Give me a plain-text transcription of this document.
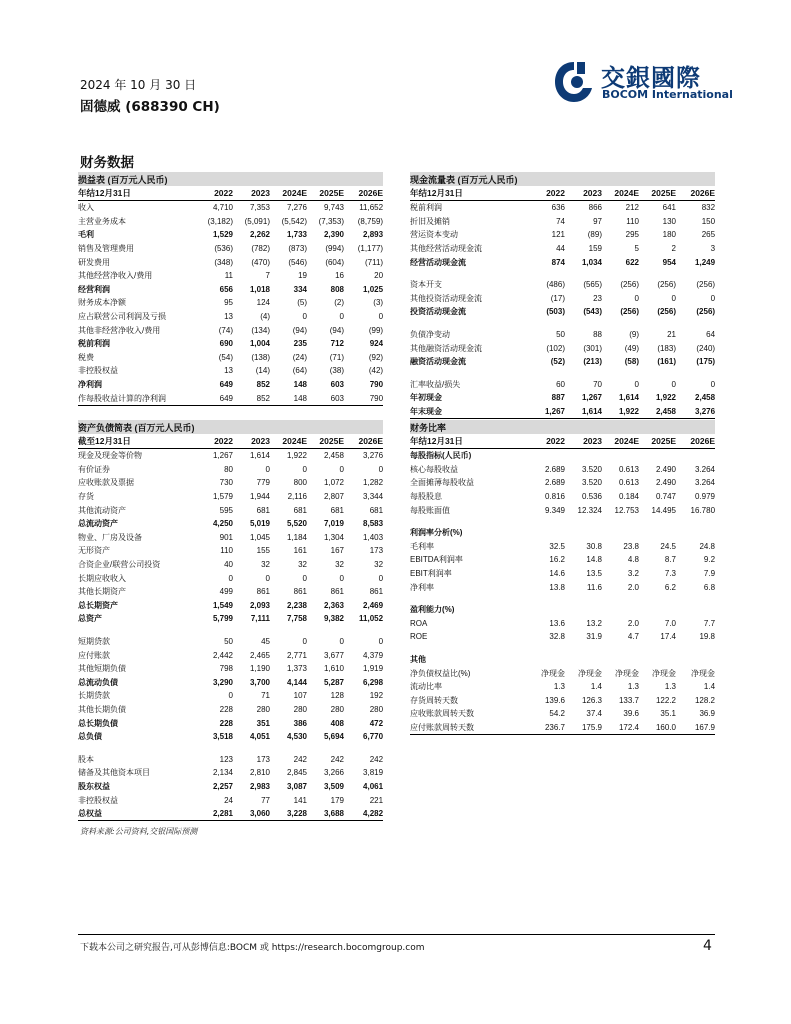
2024 年 10 月 30 日
固德威 (688390 CH)
交銀國際
BOCOM International
财务数据
损益表 (百万元人民币)					
年结12月31日	2022	2023	2024E	2025E	2026E
收入	4,710	7,353	7,276	9,743	11,652
主营业务成本	(3,182)	(5,091)	(5,542)	(7,353)	(8,759)
毛利	1,529	2,262	1,733	2,390	2,893
销售及管理费用	(536)	(782)	(873)	(994)	(1,177)
研发费用	(348)	(470)	(546)	(604)	(711)
其他经营净收入/费用	11	7	19	16	20
经营利润	656	1,018	334	808	1,025
财务成本净额	95	124	(5)	(2)	(3)
应占联营公司利润及亏损	13	(4)	0	0	0
其他非经营净收入/费用	(74)	(134)	(94)	(94)	(99)
税前利润	690	1,004	235	712	924
税费	(54)	(138)	(24)	(71)	(92)
非控股权益	13	(14)	(64)	(38)	(42)
净利润	649	852	148	603	790
作每股收益计算的净利润	649	852	148	603	790
资产负债简表 (百万元人民币)					
截至12月31日	2022	2023	2024E	2025E	2026E
现金及现金等价物	1,267	1,614	1,922	2,458	3,276
有价证券	80	0	0	0	0
应收账款及票据	730	779	800	1,072	1,282
存货	1,579	1,944	2,116	2,807	3,344
其他流动资产	595	681	681	681	681
总流动资产	4,250	5,019	5,520	7,019	8,583
物业、厂房及设备	901	1,045	1,184	1,304	1,403
无形资产	110	155	161	167	173
合资企业/联营公司投资	40	32	32	32	32
长期应收收入	0	0	0	0	0
其他长期资产	499	861	861	861	861
总长期资产	1,549	2,093	2,238	2,363	2,469
总资产	5,799	7,111	7,758	9,382	11,052

短期贷款	50	45	0	0	0
应付账款	2,442	2,465	2,771	3,677	4,379
其他短期负债	798	1,190	1,373	1,610	1,919
总流动负债	3,290	3,700	4,144	5,287	6,298
长期贷款	0	71	107	128	192
其他长期负债	228	280	280	280	280
总长期负债	228	351	386	408	472
总负债	3,518	4,051	4,530	5,694	6,770

股本	123	173	242	242	242
储备及其他资本项目	2,134	2,810	2,845	3,266	3,819
股东权益	2,257	2,983	3,087	3,509	4,061
非控股权益	24	77	141	179	221
总权益	2,281	3,060	3,228	3,688	4,282
现金流量表 (百万元人民币)					
年结12月31日	2022	2023	2024E	2025E	2026E
税前利润	636	866	212	641	832
折旧及摊销	74	97	110	130	150
营运资本变动	121	(89)	295	180	265
其他经营活动现金流	44	159	5	2	3
经营活动现金流	874	1,034	622	954	1,249

资本开支	(486)	(565)	(256)	(256)	(256)
其他投资活动现金流	(17)	23	0	0	0
投资活动现金流	(503)	(543)	(256)	(256)	(256)

负债净变动	50	88	(9)	21	64
其他融资活动现金流	(102)	(301)	(49)	(183)	(240)
融资活动现金流	(52)	(213)	(58)	(161)	(175)

汇率收益/损失	60	70	0	0	0
年初现金	887	1,267	1,614	1,922	2,458
年末现金	1,267	1,614	1,922	2,458	3,276
财务比率					
年结12月31日	2022	2023	2024E	2025E	2026E
每股指标(人民币)					
核心每股收益	2.689	3.520	0.613	2.490	3.264
全面摊薄每股收益	2.689	3.520	0.613	2.490	3.264
每股股息	0.816	0.536	0.184	0.747	0.979
每股账面值	9.349	12.324	12.753	14.495	16.780

利润率分析(%)					
毛利率	32.5	30.8	23.8	24.5	24.8
EBITDA利润率	16.2	14.8	4.8	8.7	9.2
EBIT利润率	14.6	13.5	3.2	7.3	7.9
净利率	13.8	11.6	2.0	6.2	6.8

盈利能力(%)					
ROA	13.6	13.2	2.0	7.0	7.7
ROE	32.8	31.9	4.7	17.4	19.8

其他					
净负债权益比(%)	净现金	净现金	净现金	净现金	净现金
流动比率	1.3	1.4	1.3	1.3	1.4
存货周转天数	139.6	126.3	133.7	122.2	128.2
应收账款周转天数	54.2	37.4	39.6	35.1	36.9
应付账款周转天数	236.7	175.9	172.4	160.0	167.9
资料来源:公司资料,交银国际预测
下载本公司之研究报告,可从彭博信息:BOCM 或 https://research.bocomgroup.com	4
